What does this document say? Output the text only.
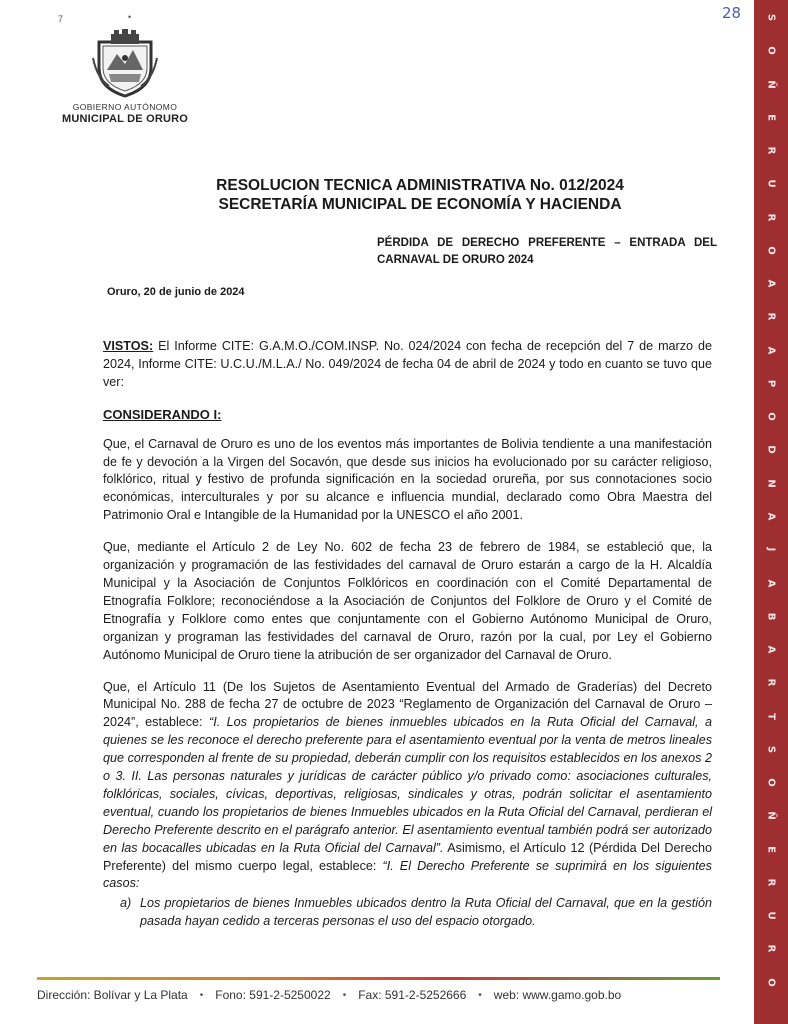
28
7	•
GOBIERNO AUTÓNOMO
MUNICIPAL DE ORURO
RESOLUCION TECNICA ADMINISTRATIVA No. 012/2024
SECRETARÍA MUNICIPAL DE ECONOMÍA Y HACIENDA
PÉRDIDA DE DERECHO PREFERENTE – ENTRADA DEL CARNAVAL DE ORURO 2024
Oruro, 20 de junio de 2024

VISTOS: El Informe CITE: G.A.M.O./COM.INSP. No. 024/2024 con fecha de recepción del 7 de marzo de 2024, Informe CITE: U.C.U./M.L.A./ No. 049/2024 de fecha 04 de abril de 2024 y todo en cuanto se tuvo que ver:

CONSIDERANDO I:

Que, el Carnaval de Oruro es uno de los eventos más importantes de Bolivia tendiente a una manifestación de fe y devoción a la Virgen del Socavón, que desde sus inicios ha evolucionado por su carácter religioso, folklórico, ritual y festivo de profunda significación en la sociedad orureña, por sus connotaciones socio económicas, interculturales y por su alcance e influencia mundial, declarado como Obra Maestra del Patrimonio Oral e Intangible de la Humanidad por la UNESCO el año 2001.

Que, mediante el Artículo 2 de Ley No. 602 de fecha 23 de febrero de 1984, se estableció que, la organización y programación de las festividades del carnaval de Oruro estarán a cargo de la H. Alcaldía Municipal y la Asociación de Conjuntos Folklóricos en coordinación con el Comité Departamental de Etnografía Folklore; reconociéndose a la Asociación de Conjuntos del Folklore de Oruro y el Comité de Etnografía y Folklore como entes que conjuntamente con el Gobierno Autónomo Municipal de Oruro, organizan y programan las festividades del carnaval de Oruro, razón por la cual, por Ley el Gobierno Autónomo Municipal de Oruro tiene la atribución de ser organizador del Carnaval de Oruro.

Que, el Artículo 11 (De los Sujetos de Asentamiento Eventual del Armado de Graderías) del Decreto Municipal No. 288 de fecha 27 de octubre de 2023 “Reglamento de Organización del Carnaval de Oruro – 2024”, establece: “I. Los propietarios de bienes inmuebles ubicados en la Ruta Oficial del Carnaval, a quienes se les reconoce el derecho preferente para el asentamiento eventual por la venta de metros lineales que corresponden al frente de su propiedad, deberán cumplir con los requisitos establecidos en los anexos 2 o 3. II. Las personas naturales y jurídicas de carácter público y/o privado como: asociaciones culturales, folklóricas, sociales, cívicas, deportivas, religiosas, sindicales y otras, podrán solicitar el asentamiento eventual, cuando los propietarios de bienes Inmuebles ubicados en la Ruta Oficial del Carnaval, perdieran el Derecho Preferente descrito en el parágrafo anterior. El asentamiento eventual también podrá ser autorizado en las bocacalles ubicadas en la Ruta Oficial del Carnaval”. Asimismo, el Artículo 12 (Pérdida Del Derecho Preferente) del mismo cuerpo legal, establece: “I. El Derecho Preferente se suprimirá en los siguientes casos:

a) Los propietarios de bienes Inmuebles ubicados dentro la Ruta Oficial del Carnaval, que en la gestión pasada hayan cedido a terceras personas el uso del espacio otorgado.
Dirección: Bolívar y La Plata • Fono: 591-2-5250022 • Fax: 591-2-5252666 • web: www.gamo.gob.bo
S
O
Ñ
E
R
U
R
O
A
R
A
P
O
D
N
A
J
A
B
A
R
T
S
O
Ñ
E
R
U
R
O
